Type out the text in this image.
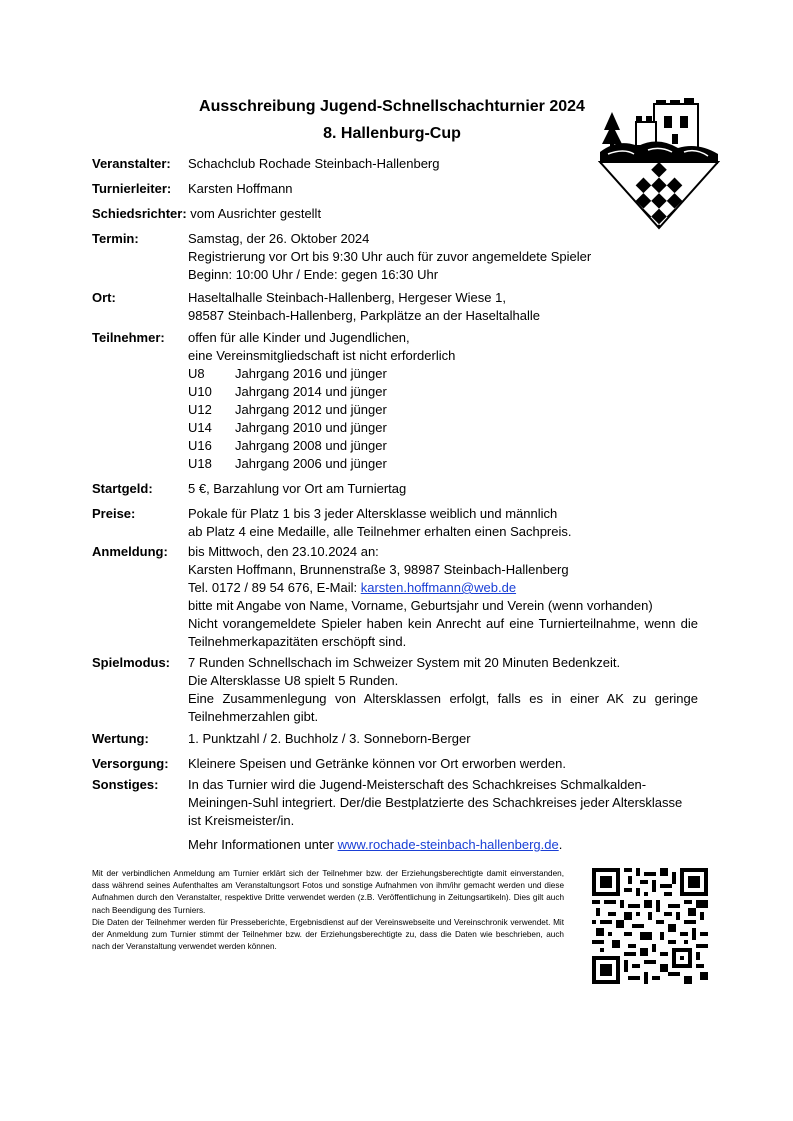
Ausschreibung Jugend-Schnellschachturnier 2024
8. Hallenburg-Cup
Veranstalter: Schachclub Rochade Steinbach-Hallenberg
Turnierleiter: Karsten Hoffmann
Schiedsrichter: vom Ausrichter gestellt
Termin:	Samstag, der 26. Oktober 2024
Registrierung vor Ort bis 9:30 Uhr auch für zuvor angemeldete Spieler
Beginn: 10:00 Uhr / Ende: gegen 16:30 Uhr
Ort:	Haseltalhalle Steinbach-Hallenberg, Hergeser Wiese 1,
98587 Steinbach-Hallenberg, Parkplätze an der Haseltalhalle
Teilnehmer: offen für alle Kinder und Jugendlichen,
eine Vereinsmitgliedschaft ist nicht erforderlich
U8 Jahrgang 2016 und jünger
U10 Jahrgang 2014 und jünger
U12 Jahrgang 2012 und jünger
U14 Jahrgang 2010 und jünger
U16 Jahrgang 2008 und jünger
U18 Jahrgang 2006 und jünger
Startgeld:	5 €, Barzahlung vor Ort am Turniertag
Preise:	Pokale für Platz 1 bis 3 jeder Altersklasse weiblich und männlich
ab Platz 4 eine Medaille, alle Teilnehmer erhalten einen Sachpreis.
Anmeldung: bis Mittwoch, den 23.10.2024 an:
Karsten Hoffmann, Brunnenstraße 3, 98987 Steinbach-Hallenberg
Tel. 0172 / 89 54 676, E-Mail: karsten.hoffmann@web.de
bitte mit Angabe von Name, Vorname, Geburtsjahr und Verein (wenn vorhanden)
Nicht vorangemeldete Spieler haben kein Anrecht auf eine Turnierteilnahme, wenn die Teilnehmerkapazitäten erschöpft sind.
Spielmodus: 7 Runden Schnellschach im Schweizer System mit 20 Minuten Bedenkzeit.
Die Altersklasse U8 spielt 5 Runden.
Eine Zusammenlegung von Altersklassen erfolgt, falls es in einer AK zu geringe Teilnehmerzahlen gibt.
Wertung:	1. Punktzahl / 2. Buchholz / 3. Sonneborn-Berger
Versorgung: Kleinere Speisen und Getränke können vor Ort erworben werden.
Sonstiges: In das Turnier wird die Jugend-Meisterschaft des Schachkreises Schmalkalden-Meiningen-Suhl integriert. Der/die Bestplatzierte des Schachkreises jeder Altersklasse ist Kreismeister/in.
Mehr Informationen unter www.rochade-steinbach-hallenberg.de.

Mit der verbindlichen Anmeldung am Turnier erklärt sich der Teilnehmer bzw. der Erziehungsberechtigte damit einverstanden, dass während seines Aufenthaltes am Veranstaltungsort Fotos und sonstige Aufnahmen von ihm/ihr gemacht werden und diese Aufnahmen durch den Veranstalter, respektive Dritte verwendet werden (z.B. Veröffentlichung in Zeitungsartikeln). Dies gilt auch nach Beendigung des Turniers.

Die Daten der Teilnehmer werden für Presseberichte, Ergebnisdienst auf der Vereinswebseite und Vereinschronik verwendet. Mit der Anmeldung zum Turnier stimmt der Teilnehmer bzw. der Erziehungsberechtigte zu, dass die Daten wie beschrieben, auch nach der Veranstaltung verwendet werden können.
